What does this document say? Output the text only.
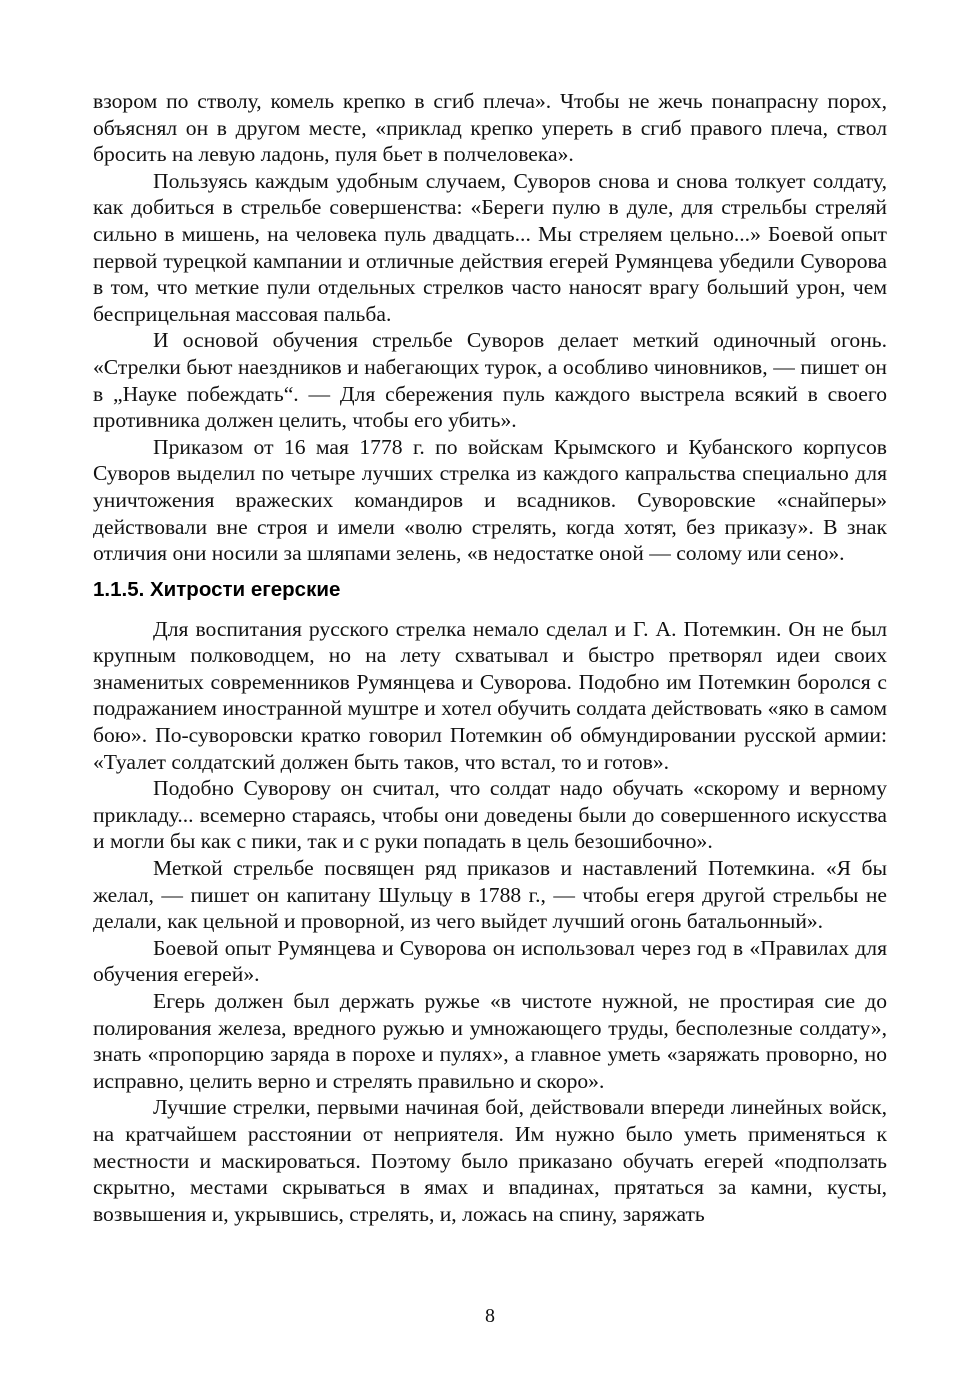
взором по стволу, комель крепко в сгиб плеча». Чтобы не жечь понапрасну порох, объяснял он в другом месте, «приклад крепко упереть в сгиб правого плеча, ствол бросить на левую ладонь, пуля бьет в полчеловека».

Пользуясь каждым удобным случаем, Суворов снова и снова толкует солдату, как добиться в стрельбе совершенства: «Береги пулю в дуле, для стрельбы стреляй сильно в мишень, на человека пуль двадцать... Мы стреляем цельно...» Боевой опыт первой турецкой кампании и отличные действия егерей Румянцева убедили Суворова в том, что меткие пули отдельных стрелков часто наносят врагу больший урон, чем бесприцельная массовая пальба.

И основой обучения стрельбе Суворов делает меткий одиночный огонь. «Стрелки бьют наездников и набегающих турок, а особливо чиновников, — пишет он в „Науке побеждать“. — Для сбережения пуль каждого выстрела всякий в своего противника должен целить, чтобы его убить».

Приказом от 16 мая 1778 г. по войскам Крымского и Кубанского корпусов Суворов выделил по четыре лучших стрелка из каждого капральства специально для уничтожения вражеских командиров и всадников. Суворовские «снайперы» действовали вне строя и имели «волю стрелять, когда хотят, без приказу». В знак отличия они носили за шляпами зелень, «в недостатке оной — солому или сено».

1.1.5. Хитрости егерские

Для воспитания русского стрелка немало сделал и Г. А. Потемкин. Он не был крупным полководцем, но на лету схватывал и быстро претворял идеи своих знаменитых современников Румянцева и Суворова. Подобно им Потемкин боролся с подражанием иностранной муштре и хотел обучить солдата действовать «яко в самом бою». По-суворовски кратко говорил Потемкин об обмундировании русской армии: «Туалет солдатский должен быть таков, что встал, то и готов».

Подобно Суворову он считал, что солдат надо обучать «скорому и верному прикладу... всемерно стараясь, чтобы они доведены были до совершенного искусства и могли бы как с пики, так и с руки попадать в цель безошибочно».

Меткой стрельбе посвящен ряд приказов и наставлений Потемкина. «Я бы желал, — пишет он капитану Шульцу в 1788 г., — чтобы егеря другой стрельбы не делали, как цельной и проворной, из чего выйдет лучший огонь батальонный».

Боевой опыт Румянцева и Суворова он использовал через год в «Правилах для обучения егерей».

Егерь должен был держать ружье «в чистоте нужной, не простирая сие до полирования железа, вредного ружью и умножающего труды, бесполезные солдату», знать «пропорцию заряда в порохе и пулях», а главное уметь «заряжать проворно, но исправно, целить верно и стрелять правильно и скоро».

Лучшие стрелки, первыми начиная бой, действовали впереди линейных войск, на кратчайшем расстоянии от неприятеля. Им нужно было уметь применяться к местности и маскироваться. Поэтому было приказано обучать егерей «подползать скрытно, местами скрываться в ямах и впадинах, прятаться за камни, кусты, возвышения и, укрывшись, стрелять, и, ложась на спину, заряжать

8
